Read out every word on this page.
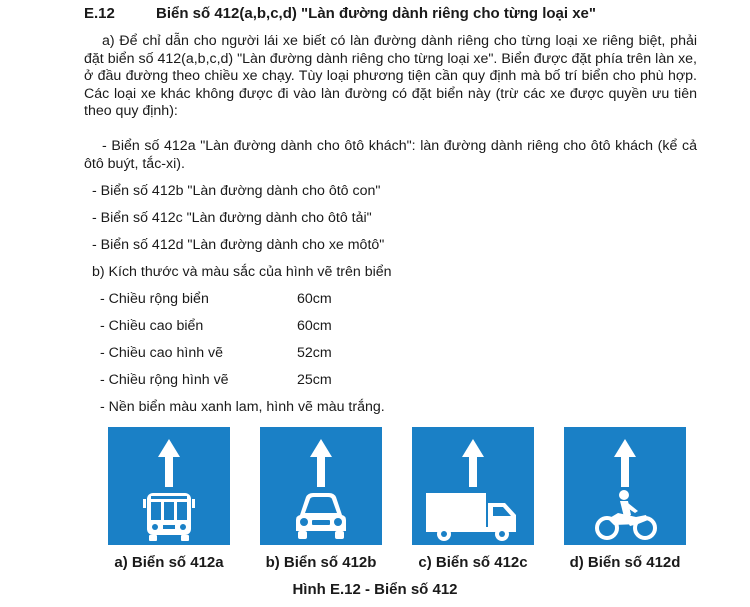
E.12	Biển số 412(a,b,c,d) "Làn đường dành riêng cho từng loại xe"
a) Để chỉ dẫn cho người lái xe biết có làn đường dành riêng cho từng loại xe riêng biệt, phải đặt biển số 412(a,b,c,d) "Làn đường dành riêng cho từng loại xe". Biển được đặt phía trên làn xe, ở đầu đường theo chiều xe chạy. Tùy loại phương tiện cần quy định mà bố trí biển cho phù hợp. Các loại xe khác không được đi vào làn đường có đặt biển này (trừ các xe được quyền ưu tiên theo quy định):
- Biển số 412a "Làn đường dành cho ôtô khách": làn đường dành riêng cho ôtô khách (kể cả ôtô buýt, tắc-xi).
- Biển số 412b "Làn đường dành cho ôtô con"
- Biển số 412c "Làn đường dành cho ôtô tải"
- Biển số 412d "Làn đường dành cho xe môtô"
b) Kích thước và màu sắc của hình vẽ trên biển
- Chiều rộng biển	60cm
- Chiều cao biển	60cm
- Chiều cao hình vẽ	52cm
- Chiều rộng hình vẽ	25cm
- Nền biển màu xanh lam, hình vẽ màu trắng.
a) Biển số 412a	b) Biển số 412b	c) Biển số 412c	d) Biển số 412d
Hình E.12 - Biển số 412
